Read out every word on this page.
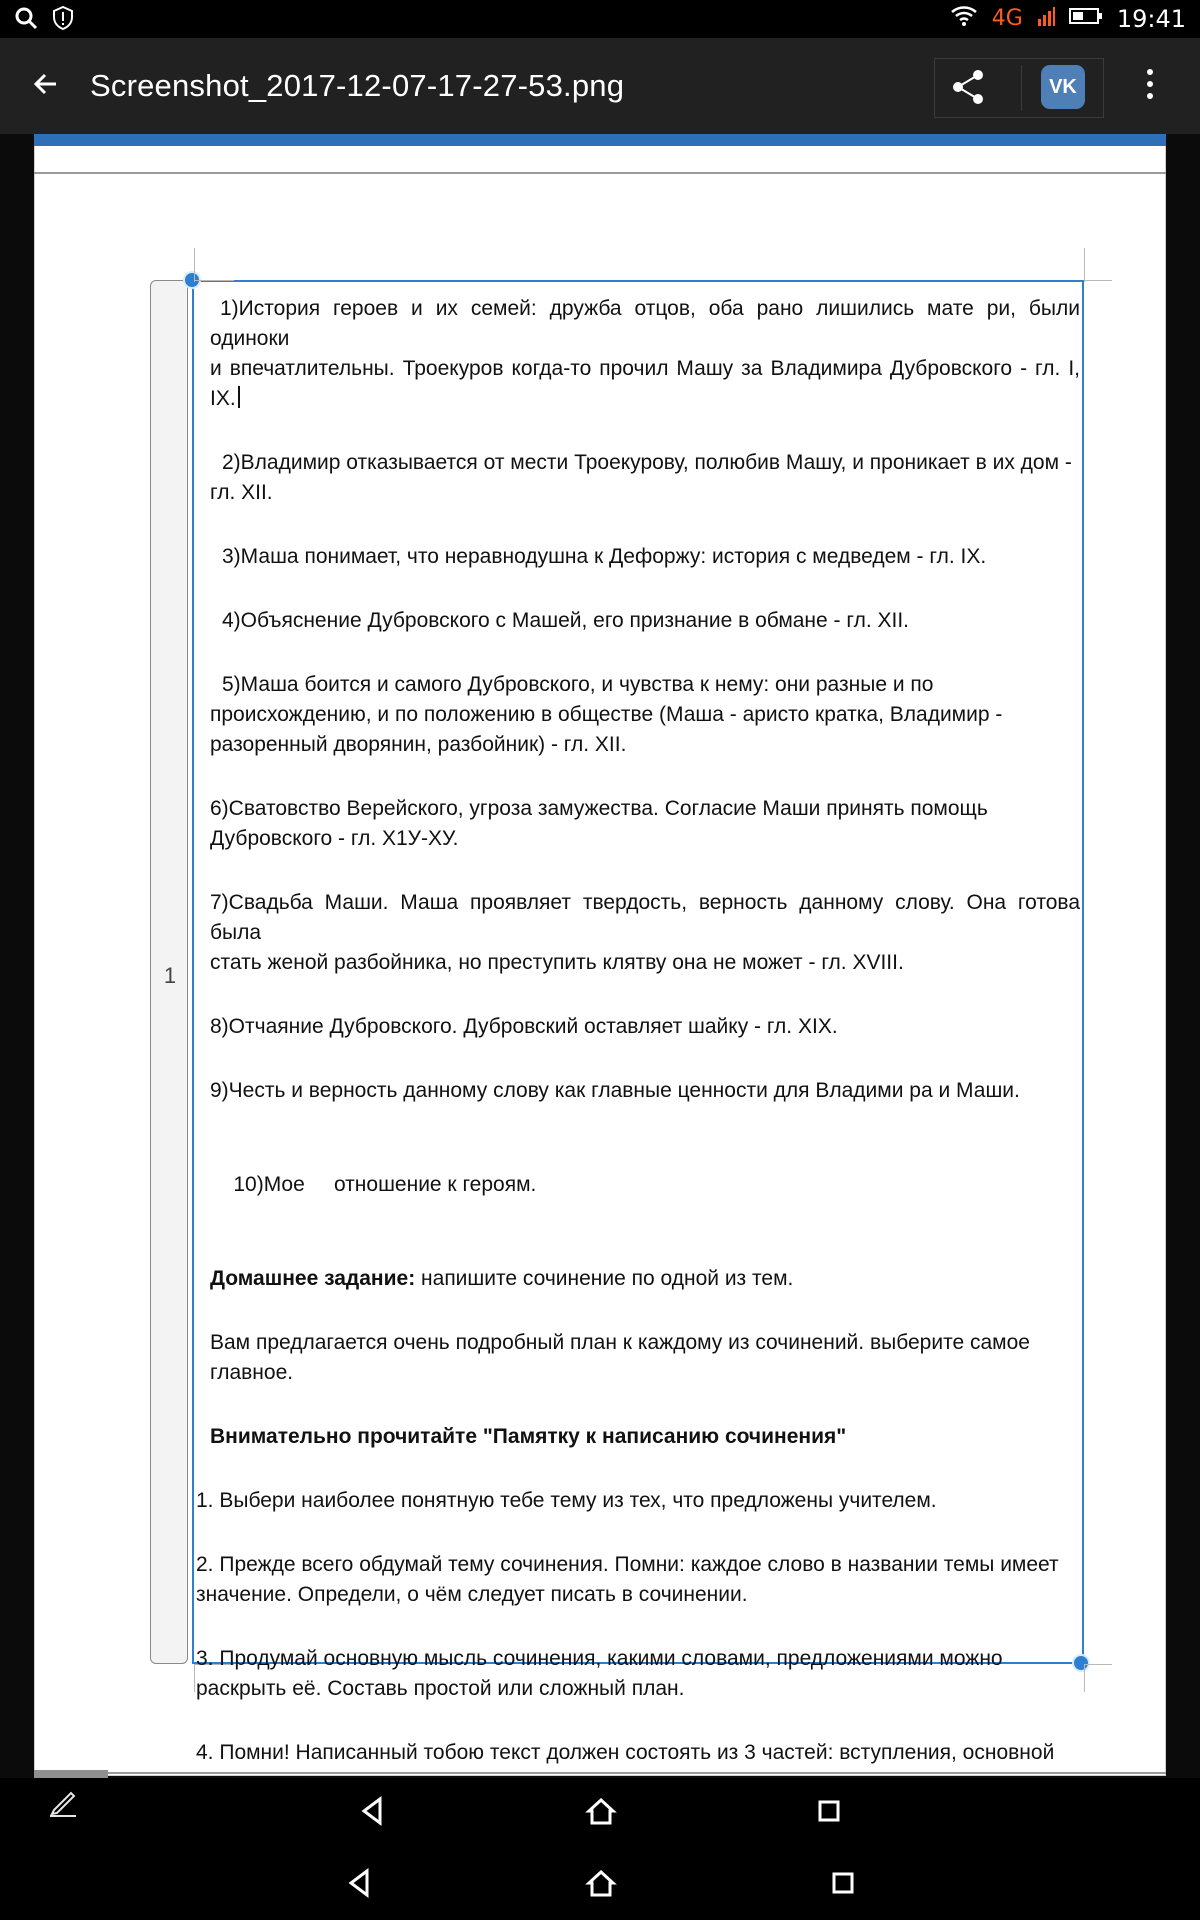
4G	19:41
Screenshot_2017-12-07-17-27-53.png	VK
1

1)История героев и их семей: дружба отцов, оба рано лишились мате ри, были одиноки
и впечатлительны. Троекуров когда-то прочил Машу за Владимира Дубровского - гл. I, IX.

2)Владимир отказывается от мести Троекурову, полюбив Машу, и проникает в их дом -
гл. XII.

3)Маша понимает, что неравнодушна к Дефоржу: история с медведем - гл. IX.

4)Объяснение Дубровского с Машей, его признание в обмане - гл. XII.

5)Маша боится и самого Дубровского, и чувства к нему: они разные и по
происхождению, и по положению в обществе (Маша - аристо кратка, Владимир -
разоренный дворянин, разбойник) - гл. XII.

6)Сватовство Верейского, угроза замужества. Согласие Маши принять помощь
Дубровского - гл. Х1У-ХУ.

7)Свадьба Маши. Маша проявляет твердость, верность данному слову. Она готова была
стать женой разбойника, но преступить клятву она не может - гл. XVIII.

8)Отчаяние Дубровского. Дубровский оставляет шайку - гл. XIX.

9)Честь и верность данному слову как главные ценности для Владими ра и Маши.

10)Мое     отношение к героям.

Домашнее задание: напишите сочинение по одной из тем.

Вам предлагается очень подробный план к каждому из сочинений. выберите самое
главное.

Внимательно прочитайте "Памятку к написанию сочинения"

1. Выбери наиболее понятную тебе тему из тех, что предложены учителем.

2. Прежде всего обдумай тему сочинения. Помни: каждое слово в названии темы имеет
значение. Определи, о чём следует писать в сочинении.

3. Продумай основную мысль сочинения, какими словами, предложениями можно
раскрыть её. Составь простой или сложный план.

4. Помни! Написанный тобою текст должен состоять из 3 частей: вступления, основной
